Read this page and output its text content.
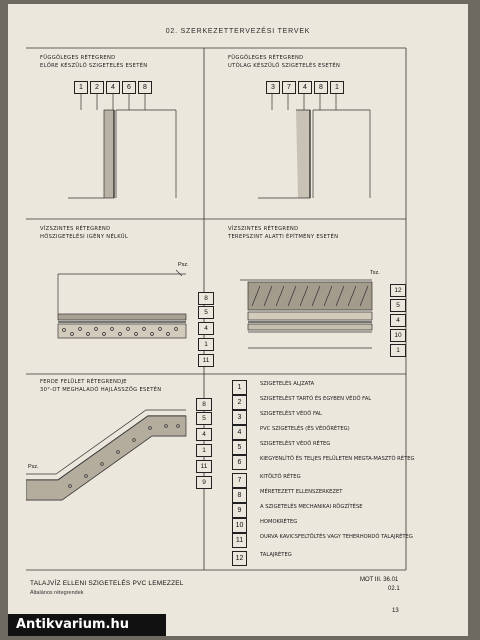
02. SZERKEZETTERVEZÉSI TERVEK
FÜGGŐLEGES RÉTEGREND
ELŐRE KÉSZÜLŐ SZIGETELÉS ESETÉN
1	2	4	6	8
FÜGGŐLEGES RÉTEGREND
UTÓLAG KÉSZÜLŐ SZIGETELÉS ESETÉN
3	7	4	8	1
VÍZSZINTES RÉTEGREND
HŐSZIGETELÉSI IGÉNY NÉLKÜL
Psz.
8
5
4
1
11
VÍZSZINTES RÉTEGREND
TEREPSZINT ALATTI ÉPÍTMÉNY ESETÉN
Tsz.
12
5
4
10
1
FERDE FELÜLET RÉTEGRENDJE
30°-OT MEGHALADÓ HAJLÁSSZÖG ESETÉN
Psz.
8
5
4
1
11
9
1	SZIGETELÉS ALJZATA
2	SZIGETELÉST TARTÓ ÉS EGYBEN VÉDŐ FAL
3	SZIGETELÉST VÉDŐ FAL
4	PVC SZIGETELÉS (ÉS VÉDŐRÉTEG)
5	SZIGETELÉST VÉDŐ RÉTEG
6	KIEGYENLÍTŐ ÉS TELJES FELÜLETEN MEGTA-MASZTÓ RÉTEG
7	KITÖLTŐ RÉTEG
8	MÉRETEZETT ELLENSZERKEZET
9	A SZIGETELÉS MECHANIKAI RÖGZÍTÉSE
10	HOMOKRÉTEG
11	DURVA KAVICSFELTÖLTÉS VAGY TEHERHORDÓ TALAJRÉTEG
12	TALAJRÉTEG
TALAJVÍZ ELLENI SZIGETELÉS PVC LEMEZZEL
Általános rétegrendek
MOT III. 36.01
02.1
13
Antikvarium.hu
